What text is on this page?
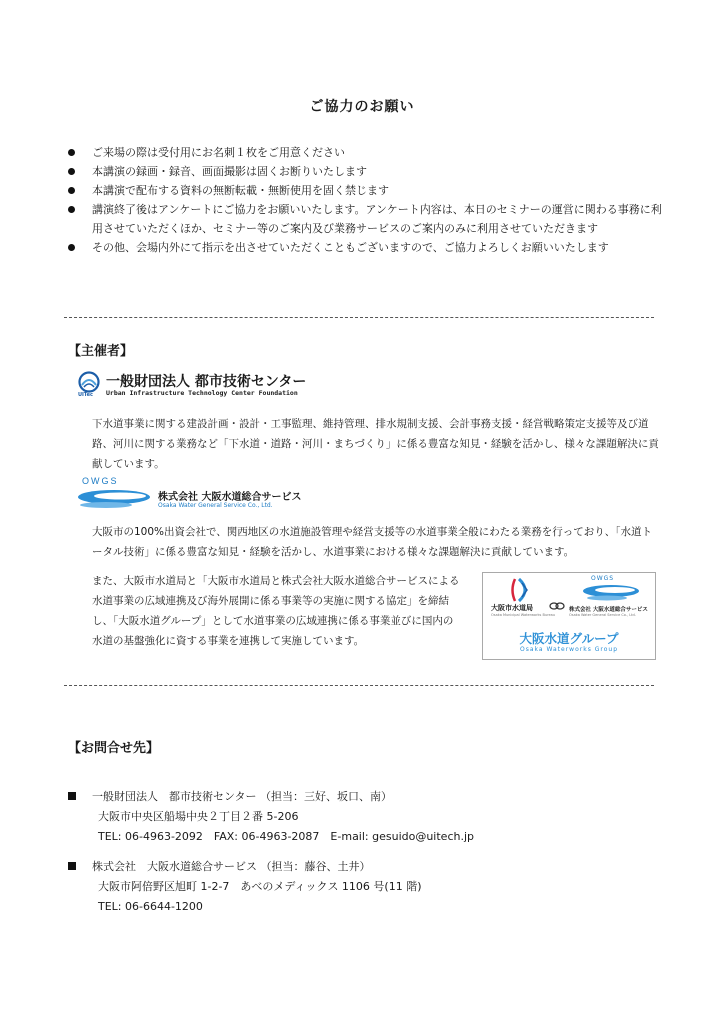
ご協力のお願い
ご来場の際は受付用にお名刺１枚をご用意ください
本講演の録画・録音、画面撮影は固くお断りいたします
本講演で配布する資料の無断転載・無断使用を固く禁じます
講演終了後はアンケートにご協力をお願いいたします。アンケート内容は、本日のセミナーの運営に関わる事務に利用させていただくほか、セミナー等のご案内及び業務サービスのご案内のみに利用させていただきます
その他、会場内外にて指示を出させていただくこともございますので、ご協力よろしくお願いいたします
【主催者】
UITec
一般財団法人 都市技術センター
Urban Infrastructure Technology Center Foundation
下水道事業に関する建設計画・設計・工事監理、維持管理、排水規制支援、会計事務支援・経営戦略策定支援等及び道路、河川に関する業務など「下水道・道路・河川・まちづくり」に係る豊富な知見・経験を活かし、様々な課題解決に貢献しています。
OWGS
株式会社 大阪水道総合サービス
Osaka Water General Service Co., Ltd.
大阪市の100%出資会社で、関西地区の水道施設管理や経営支援等の水道事業全般にわたる業務を行っており、「水道トータル技術」に係る豊富な知見・経験を活かし、水道事業における様々な課題解決に貢献しています。
また、大阪市水道局と「大阪市水道局と株式会社大阪水道総合サービスによる水道事業の広域連携及び海外展開に係る事業等の実施に関する協定」を締結し、「大阪水道グループ」として水道事業の広域連携に係る事業並びに国内の水道の基盤強化に資する事業を連携して実施しています。
大阪市水道局
Osaka Municipal Waterworks Bureau
OWGS
株式会社 大阪水道総合サービス
Osaka Water General Service Co., Ltd.
大阪水道グループ
Osaka Waterworks Group
【お問合せ先】
一般財団法人　都市技術センター （担当：三好、坂口、南）
大阪市中央区船場中央２丁目２番 5-206
TEL: 06-4963-2092　FAX: 06-4963-2087　E-mail: gesuido@uitech.jp
株式会社　大阪水道総合サービス （担当：藤谷、土井）
大阪市阿倍野区旭町 1-2-7　あべのメディックス 1106 号(11 階)
TEL: 06-6644-1200
